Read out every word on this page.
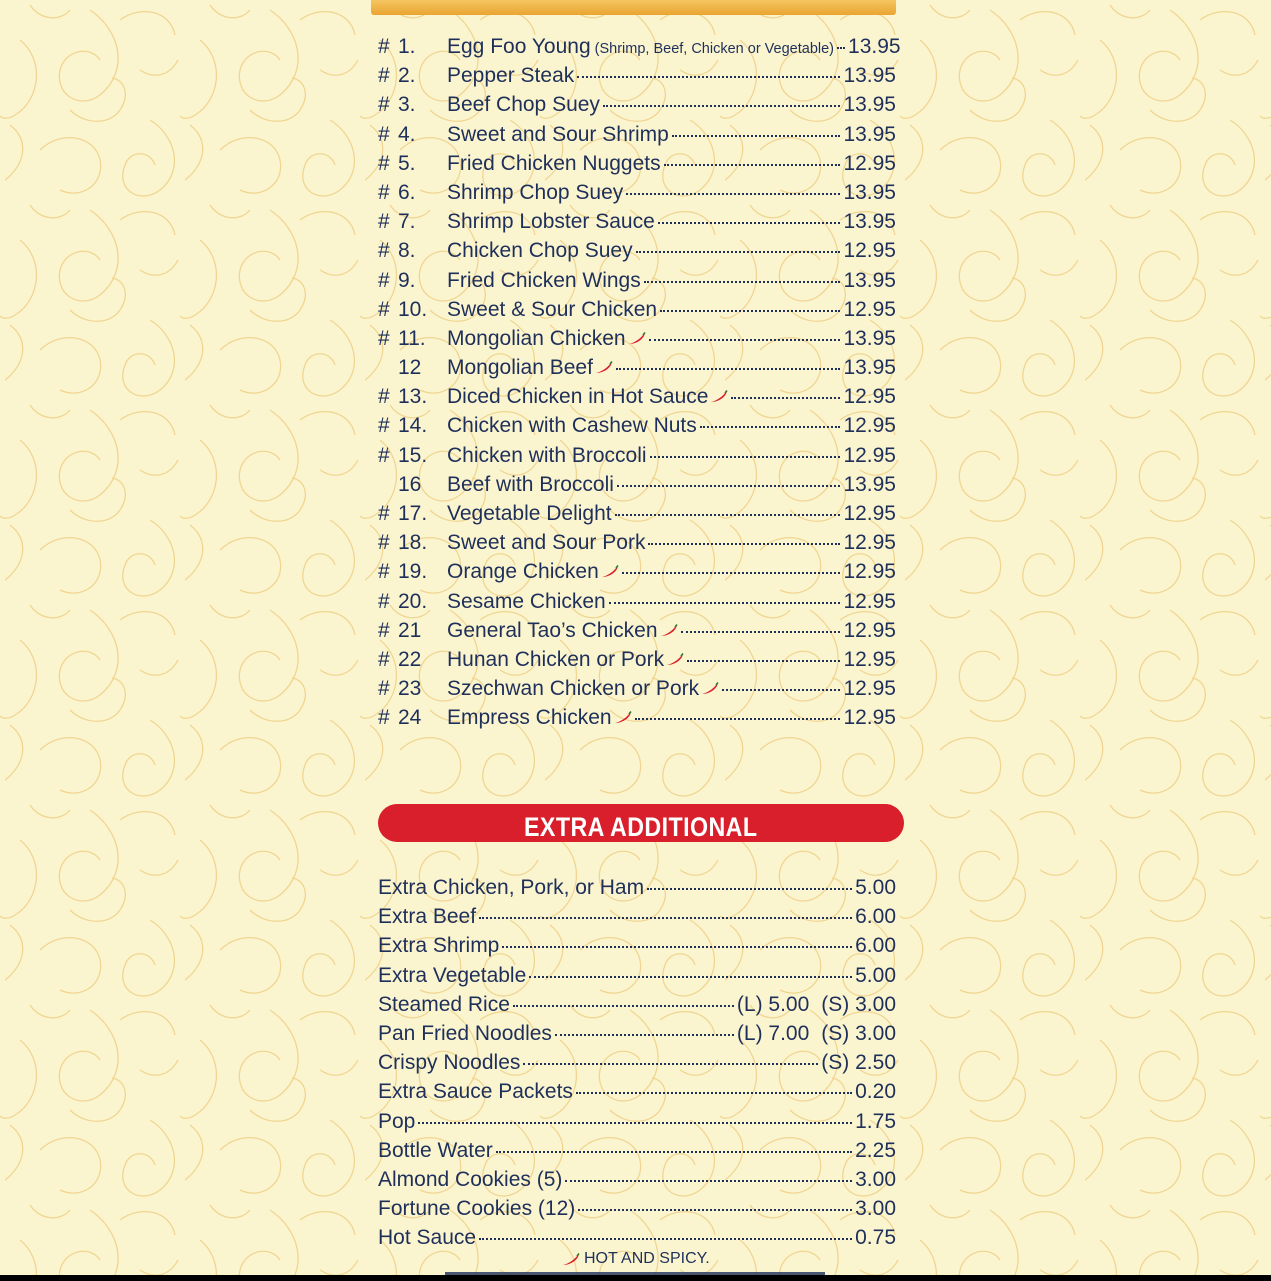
# 1.	Egg Foo Young (Shrimp, Beef, Chicken or Vegetable) 13.95
# 2.	Pepper Steak	13.95
# 3.	Beef Chop Suey	13.95
# 4.	Sweet and Sour Shrimp	13.95
# 5.	Fried Chicken Nuggets	12.95
# 6.	Shrimp Chop Suey	13.95
# 7.	Shrimp Lobster Sauce	13.95
# 8.	Chicken Chop Suey	12.95
# 9.	Fried Chicken Wings	13.95
# 10. Sweet & Sour Chicken	12.95
# 11.	Mongolian Chicken	13.95
12	Mongolian Beef	13.95
# 13. Diced Chicken in Hot Sauce	12.95
# 14. Chicken with Cashew Nuts	12.95
# 15. Chicken with Broccoli	12.95
16	Beef with Broccoli	13.95
# 17. Vegetable Delight	12.95
# 18. Sweet and Sour Pork	12.95
# 19. Orange Chicken	12.95
# 20. Sesame Chicken	12.95
# 21	General Tao’s Chicken	12.95
# 22	Hunan Chicken or Pork	12.95
# 23	Szechwan Chicken or Pork	12.95
# 24	Empress Chicken	12.95
EXTRA ADDITIONAL
Extra Chicken, Pork, or Ham	5.00
Extra Beef	6.00
Extra Shrimp	6.00
Extra Vegetable	5.00
Steamed Rice	(L) 5.00 (S) 3.00
Pan Fried Noodles	(L) 7.00 (S) 3.00
Crispy Noodles	(S) 2.50
Extra Sauce Packets	0.20
Pop	1.75
Bottle Water	2.25
Almond Cookies (5)	3.00
Fortune Cookies (12)	3.00
Hot Sauce	0.75
HOT AND SPICY.
